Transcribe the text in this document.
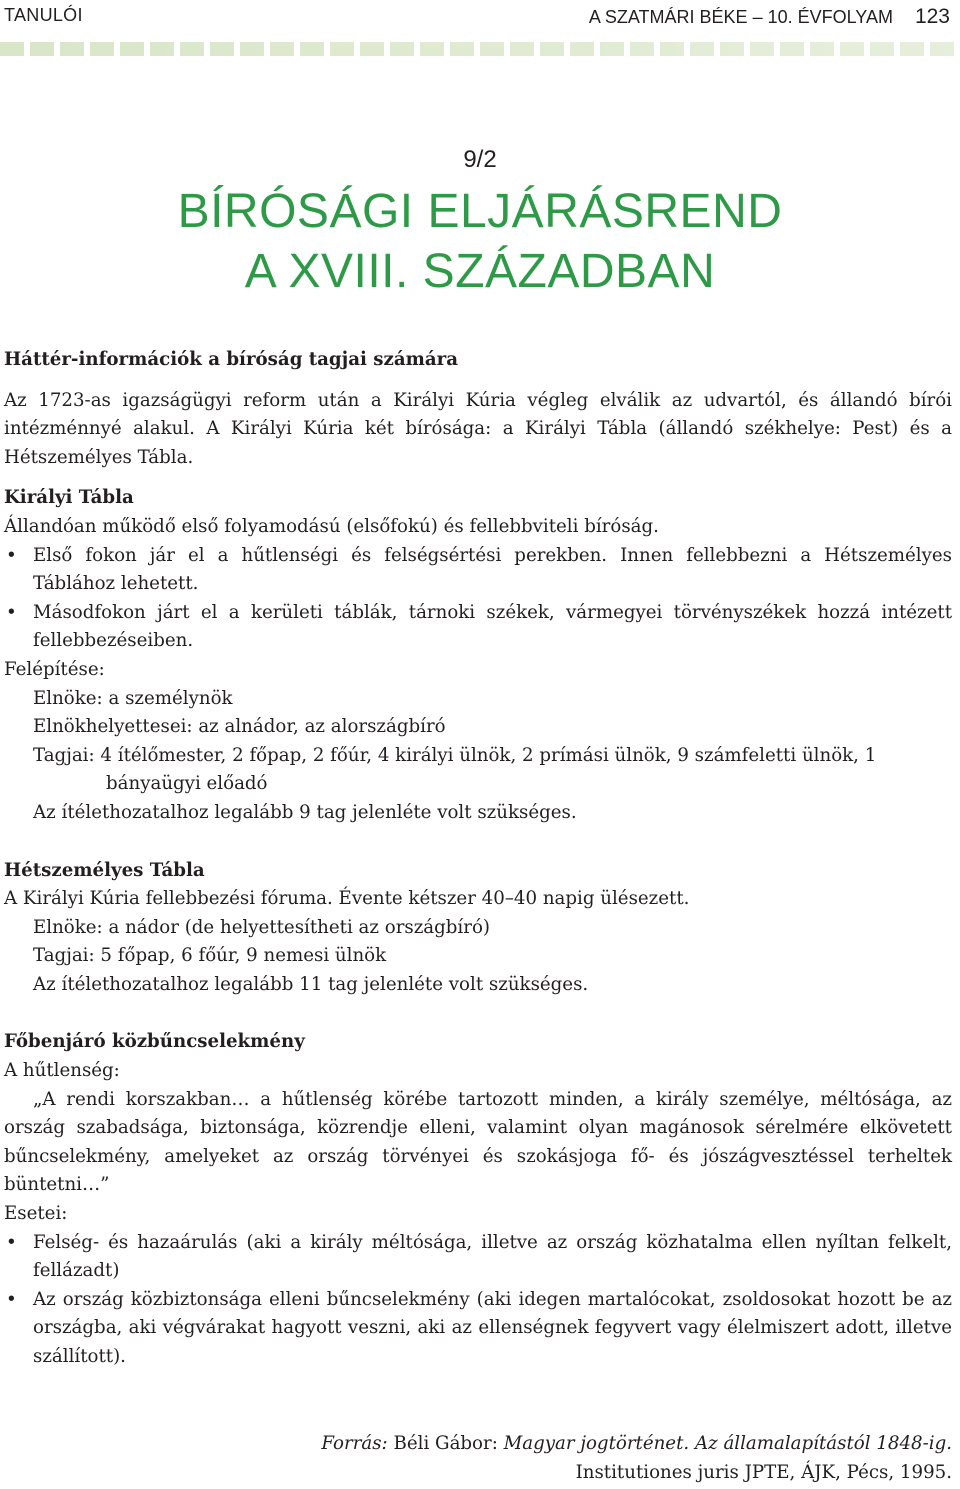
TANULÓI	A SZATMÁRI BÉKE – 10. ÉVFOLYAM 123
9/2
BÍRÓSÁGI ELJÁRÁSREND
A XVIII. SZÁZADBAN

Háttér-információk a bíróság tagjai számára

Az 1723-as igazságügyi reform után a Királyi Kúria végleg elválik az udvartól, és állandó bírói intézménnyé alakul. A Királyi Kúria két bírósága: a Királyi Tábla (állandó székhelye: Pest) és a Hétszemélyes Tábla.

Királyi Tábla

Állandóan működő első folyamodású (elsőfokú) és fellebbviteli bíróság.

• Első fokon jár el a hűtlenségi és felségsértési perekben. Innen fellebbezni a Hétszemélyes Táblához lehetett.
• Másodfokon járt el a kerületi táblák, tárnoki székek, vármegyei törvényszékek hozzá intézett fellebbezéseiben.

Felépítése:

Elnöke: a személynök

Elnökhelyettesei: az alnádor, az alországbíró

Tagjai: 4 ítélőmester, 2 főpap, 2 főúr, 4 királyi ülnök, 2 prímási ülnök, 9 számfeletti ülnök, 1 bányaügyi előadó

Az ítélethozatalhoz legalább 9 tag jelenléte volt szükséges.

Hétszemélyes Tábla

A Királyi Kúria fellebbezési fóruma. Évente kétszer 40–40 napig ülésezett.

Elnöke: a nádor (de helyettesítheti az országbíró)

Tagjai: 5 főpap, 6 főúr, 9 nemesi ülnök

Az ítélethozatalhoz legalább 11 tag jelenléte volt szükséges.

Főbenjáró közbűncselekmény

A hűtlenség:

„A rendi korszakban… a hűtlenség körébe tartozott minden, a király személye, méltósága, az ország szabadsága, biztonsága, közrendje elleni, valamint olyan magánosok sérelmére elkövetett bűncselekmény, amelyeket az ország törvényei és szokásjoga fő- és jószágvesztéssel terheltek büntetni…”

Esetei:

• Felség- és hazaárulás (aki a király méltósága, illetve az ország közhatalma ellen nyíltan felkelt, fellázadt)
• Az ország közbiztonsága elleni bűncselekmény (aki idegen martalócokat, zsoldosokat hozott be az országba, aki végvárakat hagyott veszni, aki az ellenségnek fegyvert vagy élelmiszert adott, illetve szállított).
Forrás: Béli Gábor: Magyar jogtörténet. Az államalapítástól 1848-ig.
Institutiones juris JPTE, ÁJK, Pécs, 1995.
